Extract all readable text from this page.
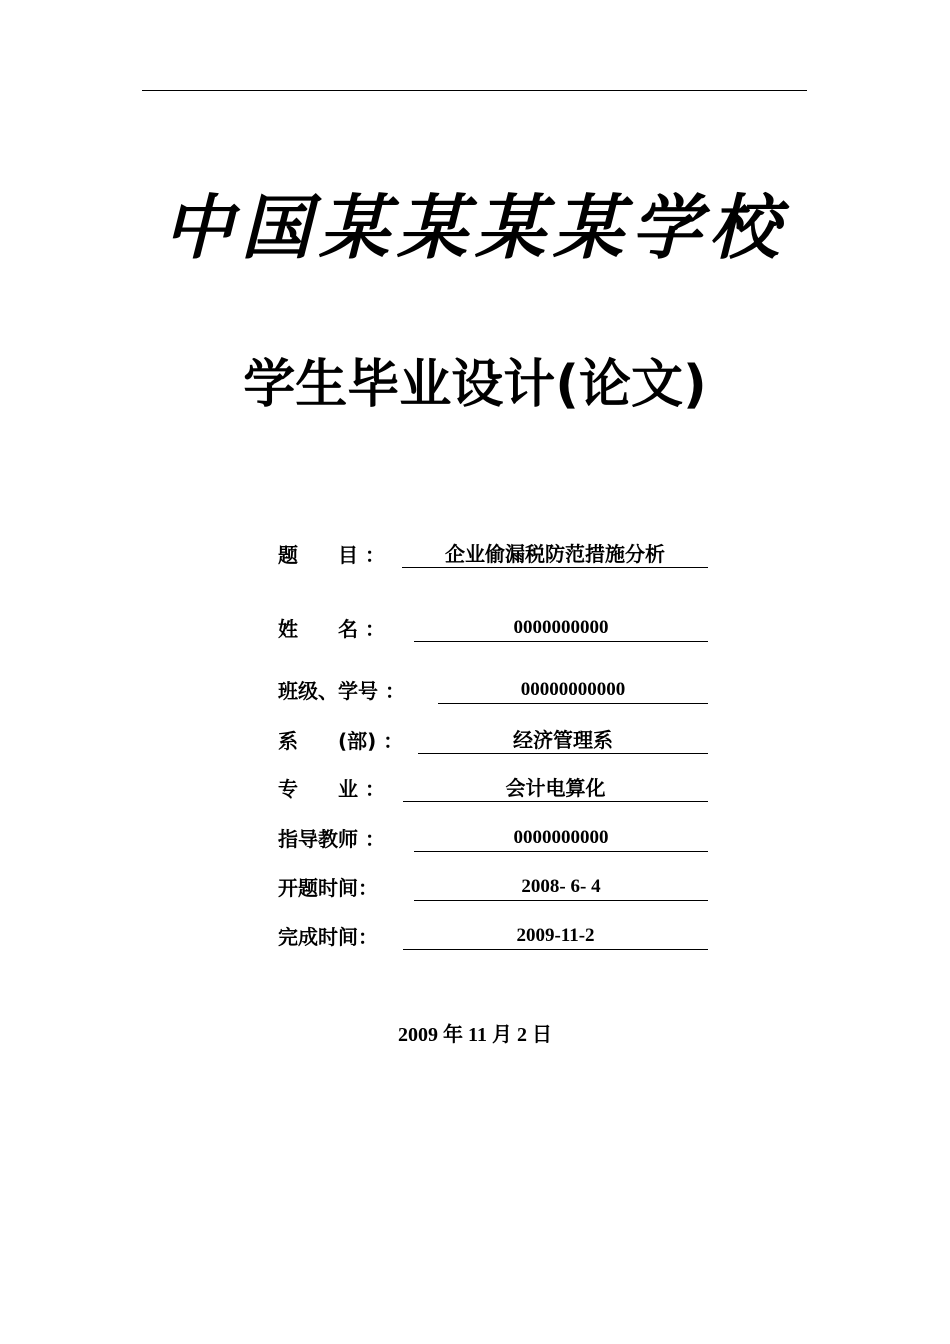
中国某某某某学校
学生毕业设计(论文)
题　　目 ：	企业偷漏税防范措施分析
姓　　名 ：	0000000000
班级、学号 ：	00000000000
系　　(部) ：	经济管理系
专　　业 ：	会计电算化
指导教师 ：	0000000000
开题时间：	2008- 6- 4
完成时间：	2009-11-2
2009 年 11 月 2 日
